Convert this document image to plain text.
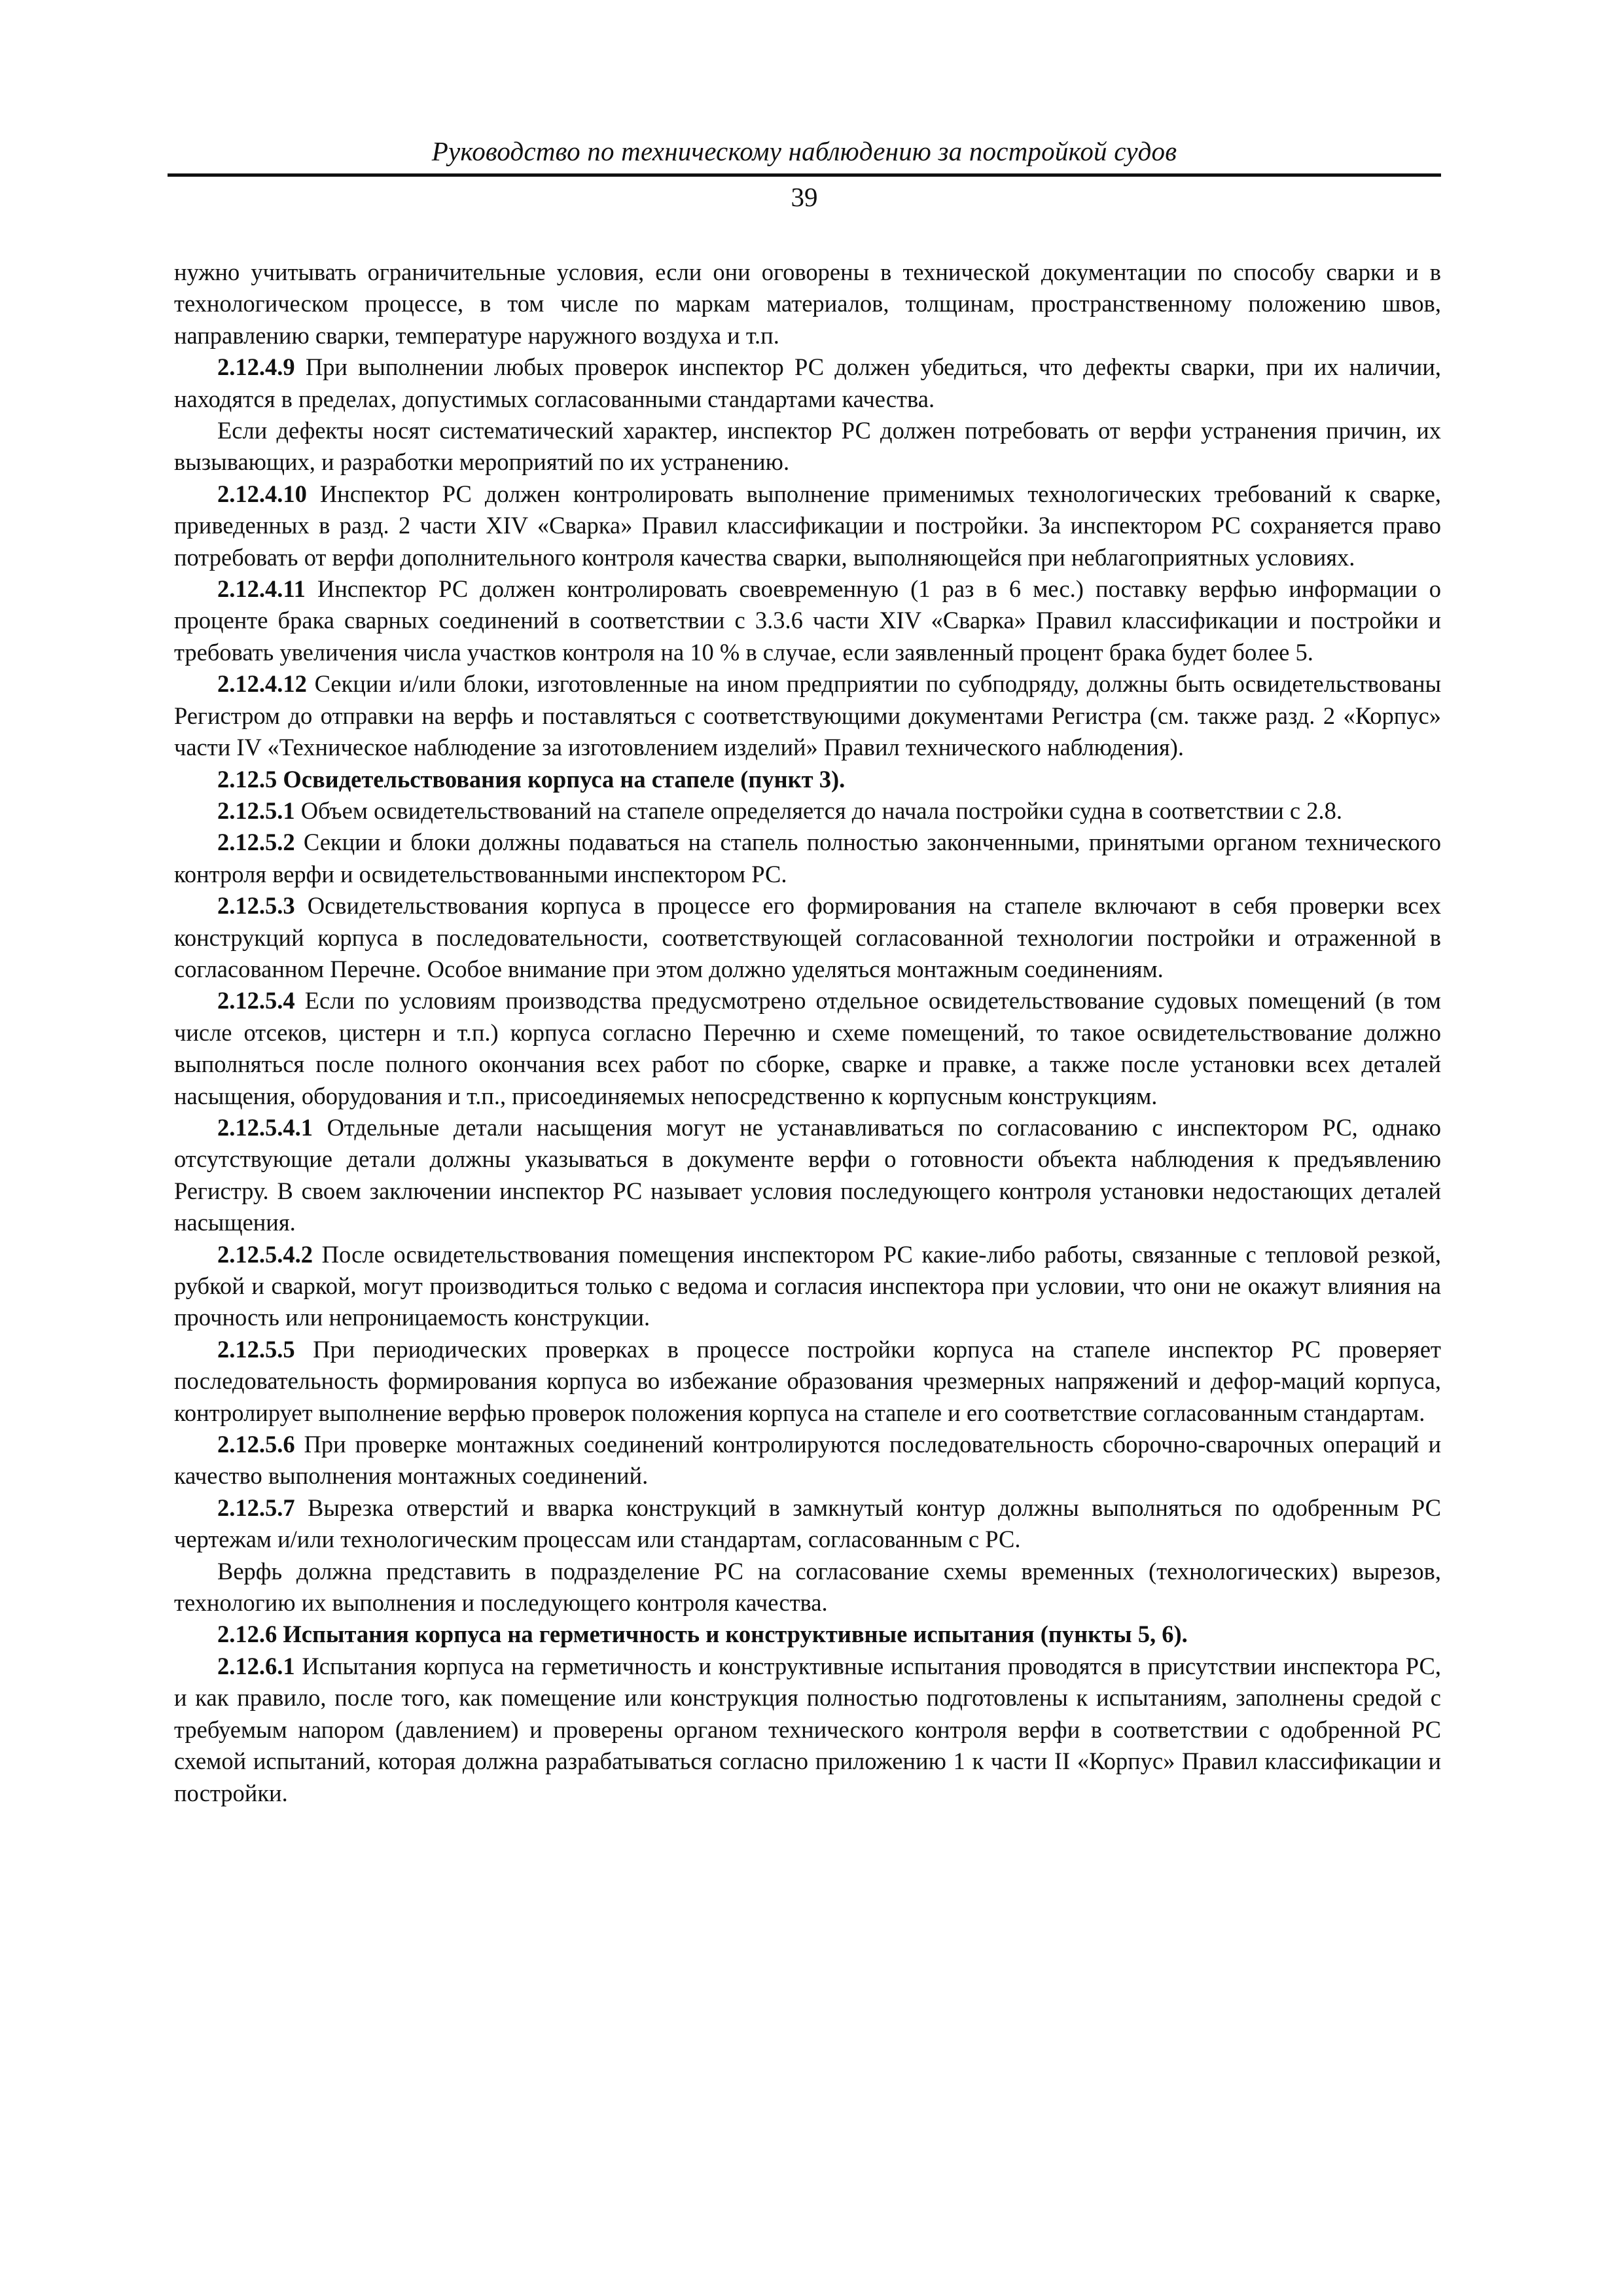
Руководство по техническому наблюдению за постройкой судов
39

нужно учитывать ограничительные условия, если они оговорены в технической документации по способу сварки и в технологическом процессе, в том числе по маркам материалов, толщинам, пространственному положению швов, направлению сварки, температуре наружного воздуха и т.п.

2.12.4.9 При выполнении любых проверок инспектор РС должен убедиться, что дефекты сварки, при их наличии, находятся в пределах, допустимых согласованными стандартами качества.

Если дефекты носят систематический характер, инспектор РС должен потребовать от верфи устранения причин, их вызывающих, и разработки мероприятий по их устранению.

2.12.4.10 Инспектор РС должен контролировать выполнение применимых технологических требований к сварке, приведенных в разд. 2 части XIV «Сварка» Правил классификации и постройки. За инспектором РС сохраняется право потребовать от верфи дополнительного контроля качества сварки, выполняющейся при неблагоприятных условиях.

2.12.4.11 Инспектор РС должен контролировать своевременную (1 раз в 6 мес.) поставку верфью информации о проценте брака сварных соединений в соответствии с 3.3.6 части XIV «Сварка» Правил классификации и постройки и требовать увеличения числа участков контроля на 10 % в случае, если заявленный процент брака будет более 5.

2.12.4.12 Секции и/или блоки, изготовленные на ином предприятии по субподряду, должны быть освидетельствованы Регистром до отправки на верфь и поставляться с соответствующими документами Регистра (см. также разд. 2 «Корпус» части IV «Техническое наблюдение за изготовлением изделий» Правил технического наблюдения).

2.12.5 Освидетельствования корпуса на стапеле (пункт 3).

2.12.5.1 Объем освидетельствований на стапеле определяется до начала постройки судна в соответствии с 2.8.

2.12.5.2 Секции и блоки должны подаваться на стапель полностью законченными, принятыми органом технического контроля верфи и освидетельствованными инспектором РС.

2.12.5.3 Освидетельствования корпуса в процессе его формирования на стапеле включают в себя проверки всех конструкций корпуса в последовательности, соответствующей согласованной технологии постройки и отраженной в согласованном Перечне. Особое внимание при этом должно уделяться монтажным соединениям.

2.12.5.4 Если по условиям производства предусмотрено отдельное освидетельствование судовых помещений (в том числе отсеков, цистерн и т.п.) корпуса согласно Перечню и схеме помещений, то такое освидетельствование должно выполняться после полного окончания всех работ по сборке, сварке и правке, а также после установки всех деталей насыщения, оборудования и т.п., присоединяемых непосредственно к корпусным конструкциям.

2.12.5.4.1 Отдельные детали насыщения могут не устанавливаться по согласованию с инспектором РС, однако отсутствующие детали должны указываться в документе верфи о готовности объекта наблюдения к предъявлению Регистру. В своем заключении инспектор РС называет условия последующего контроля установки недостающих деталей насыщения.

2.12.5.4.2 После освидетельствования помещения инспектором РС какие-либо работы, связанные с тепловой резкой, рубкой и сваркой, могут производиться только с ведома и согласия инспектора при условии, что они не окажут влияния на прочность или непроницаемость конструкции.

2.12.5.5 При периодических проверках в процессе постройки корпуса на стапеле инспектор РС проверяет последовательность формирования корпуса во избежание образования чрезмерных напряжений и дефор-маций корпуса, контролирует выполнение верфью проверок положения корпуса на стапеле и его соответствие согласованным стандартам.

2.12.5.6 При проверке монтажных соединений контролируются последовательность сборочно-сварочных операций и качество выполнения монтажных соединений.

2.12.5.7 Вырезка отверстий и вварка конструкций в замкнутый контур должны выполняться по одобренным РС чертежам и/или технологическим процессам или стандартам, согласованным с РС.

Верфь должна представить в подразделение РС на согласование схемы временных (технологических) вырезов, технологию их выполнения и последующего контроля качества.

2.12.6 Испытания корпуса на герметичность и конструктивные испытания (пункты 5, 6).

2.12.6.1 Испытания корпуса на герметичность и конструктивные испытания проводятся в присутствии инспектора РС, и как правило, после того, как помещение или конструкция полностью подготовлены к испытаниям, заполнены средой с требуемым напором (давлением) и проверены органом технического контроля верфи в соответствии с одобренной РС схемой испытаний, которая должна разрабатываться согласно приложению 1 к части II «Корпус» Правил классификации и постройки.
